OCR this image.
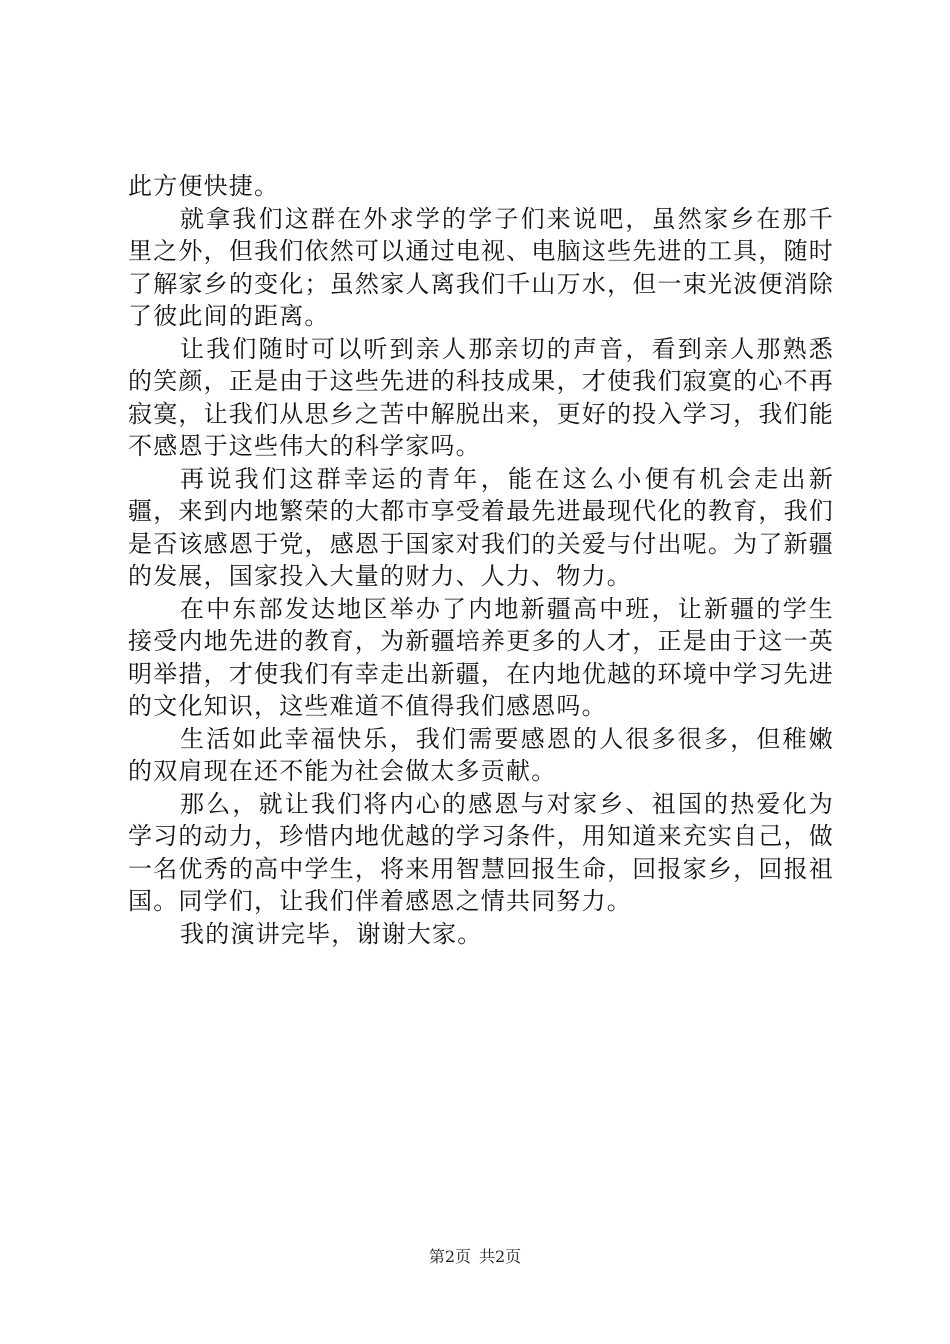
此方便快捷。

就拿我们这群在外求学的学子们来说吧，虽然家乡在那千里之外，但我们依然可以通过电视、电脑这些先进的工具，随时了解家乡的变化；虽然家人离我们千山万水，但一束光波便消除了彼此间的距离。

让我们随时可以听到亲人那亲切的声音，看到亲人那熟悉的笑颜，正是由于这些先进的科技成果，才使我们寂寞的心不再寂寞，让我们从思乡之苦中解脱出来，更好的投入学习，我们能不感恩于这些伟大的科学家吗。

再说我们这群幸运的青年，能在这么小便有机会走出新疆，来到内地繁荣的大都市享受着最先进最现代化的教育，我们是否该感恩于党，感恩于国家对我们的关爱与付出呢。为了新疆的发展，国家投入大量的财力、人力、物力。

在中东部发达地区举办了内地新疆高中班，让新疆的学生接受内地先进的教育，为新疆培养更多的人才，正是由于这一英明举措，才使我们有幸走出新疆，在内地优越的环境中学习先进的文化知识，这些难道不值得我们感恩吗。

生活如此幸福快乐，我们需要感恩的人很多很多，但稚嫩的双肩现在还不能为社会做太多贡献。

那么，就让我们将内心的感恩与对家乡、祖国的热爱化为学习的动力，珍惜内地优越的学习条件，用知道来充实自己，做一名优秀的高中学生，将来用智慧回报生命，回报家乡，回报祖国。同学们，让我们伴着感恩之情共同努力。

我的演讲完毕，谢谢大家。

第2页 共2页
